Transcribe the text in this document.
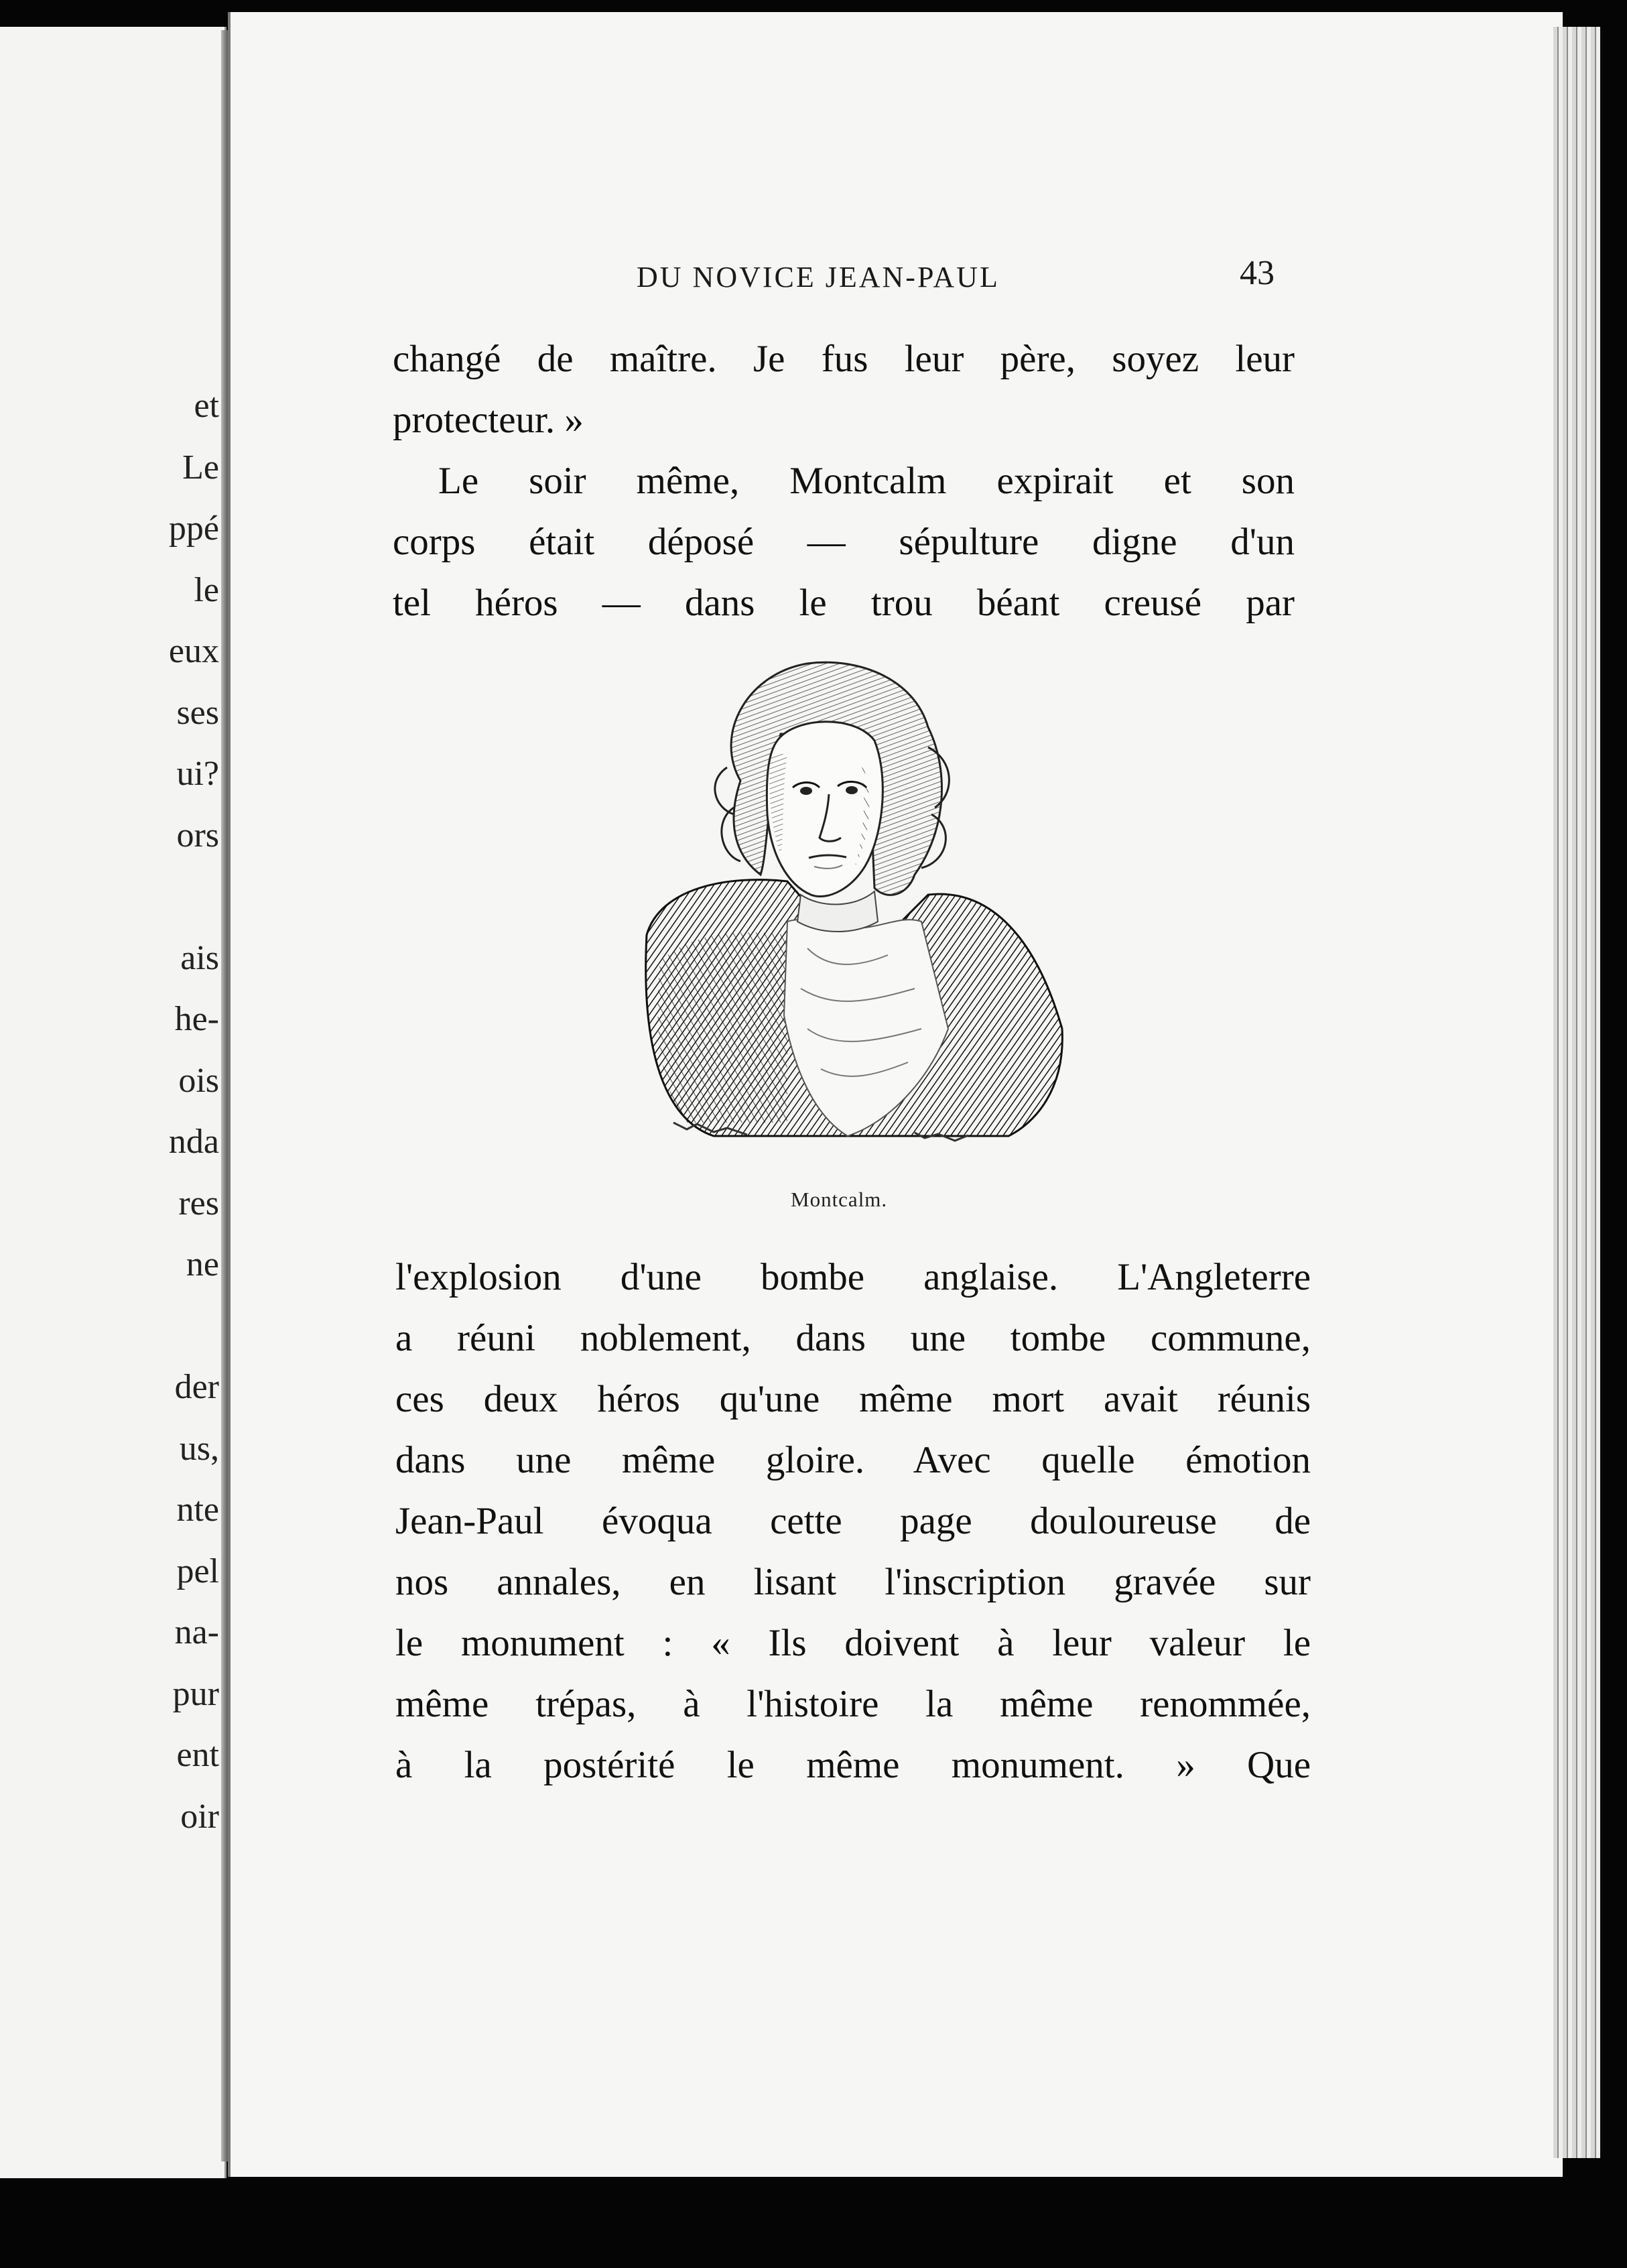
et
Le
ppé
le
eux
ses
ui?
ors
ais
he-
ois
nda
res
ne
der
us,
nte
pel
na-
pur
ent
oir
DU NOVICE JEAN-PAUL	43
changé de maître. Je fus leur père, soyez leur
protecteur. »
Le soir même, Montcalm expirait et son
corps était déposé — sépulture digne d'un
tel héros — dans le trou béant creusé par
Montcalm.
l'explosion d'une bombe anglaise. L'Angleterre
a réuni noblement, dans une tombe commune,
ces deux héros qu'une même mort avait réunis
dans une même gloire. Avec quelle émotion
Jean-Paul évoqua cette page douloureuse de
nos annales, en lisant l'inscription gravée sur
le monument : « Ils doivent à leur valeur le
même trépas, à l'histoire la même renommée,
à la postérité le même monument. » Que
